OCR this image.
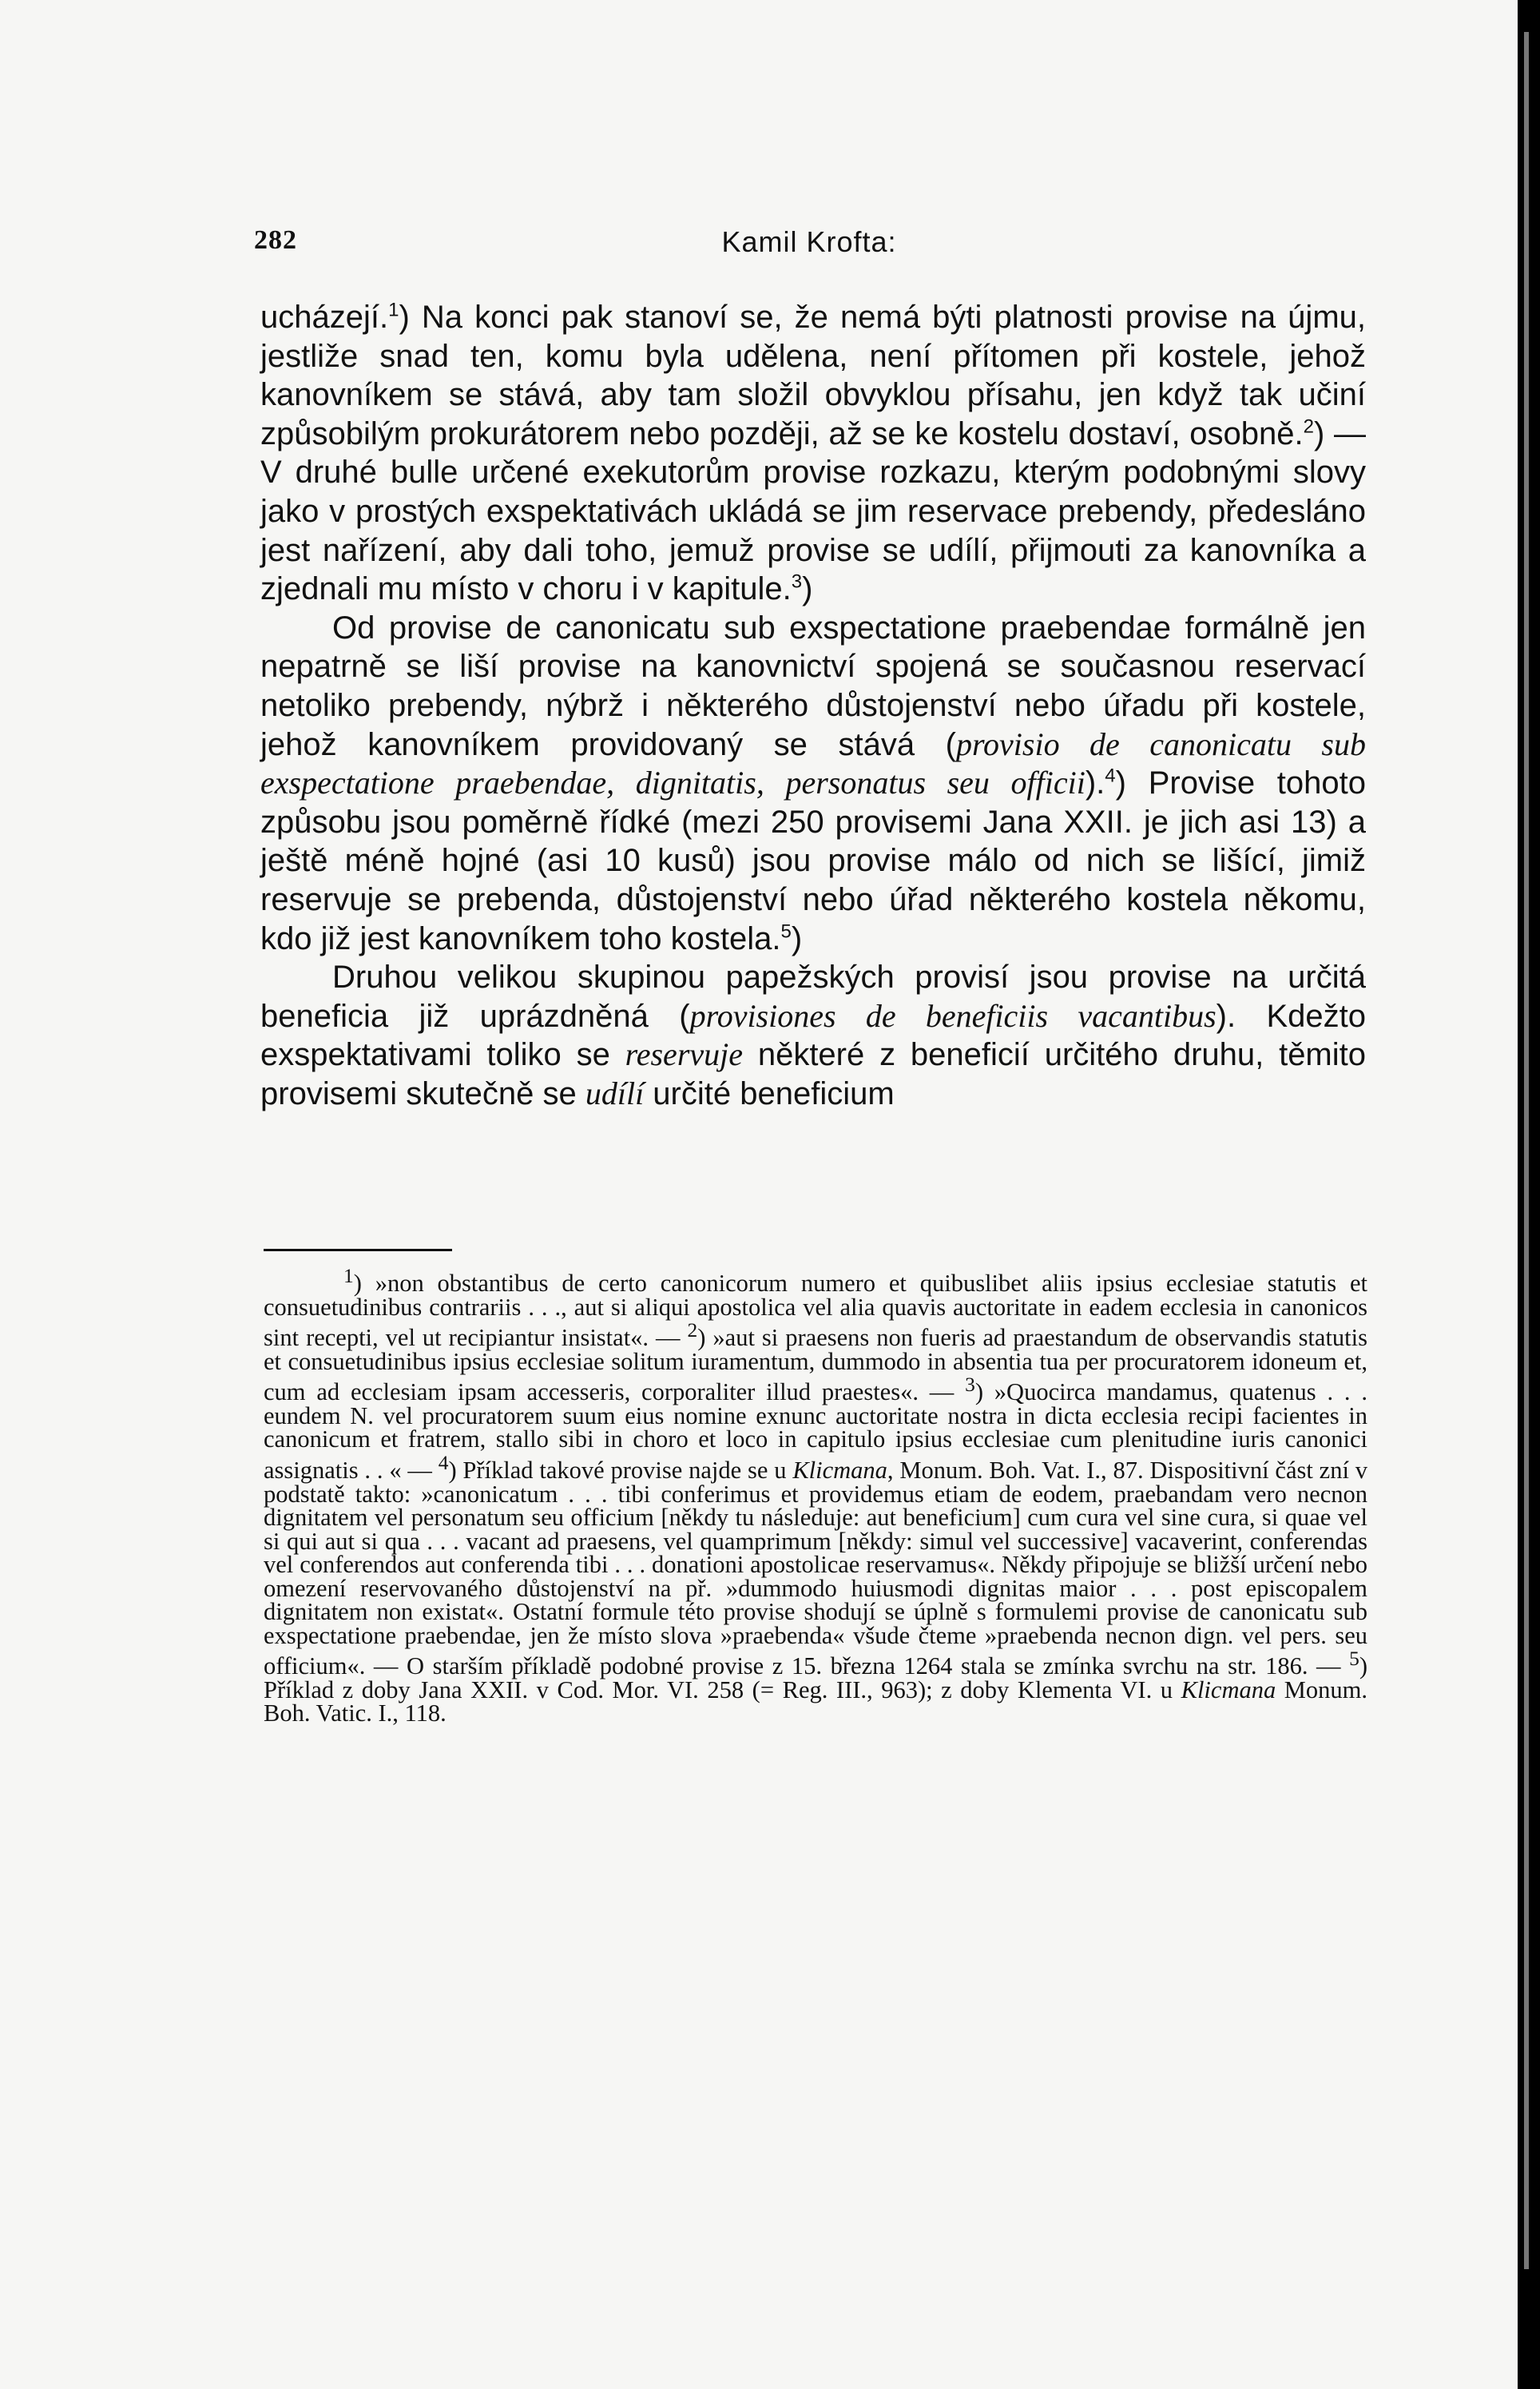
282	Kamil Krofta:

ucházejí.$^1$) Na konci pak stanoví se, že nemá býti platnosti provise na újmu, jestliže snad ten, komu byla udělena, není přítomen při kostele, jehož kanovníkem se stává, aby tam složil obvyklou přísahu, jen když tak učiní způsobilým prokurátorem nebo později, až se ke kostelu dostaví, osobně.$^2$) — V druhé bulle určené exekutorům provise rozkazu, kterým podobnými slovy jako v prostých exspektativách ukládá se jim reservace prebendy, předesláno jest nařízení, aby dali toho, jemuž provise se udílí, přijmouti za kanovníka a zjednali mu místo v choru i v kapitule.$^3$)

Od provise de canonicatu sub exspectatione praebendae formálně jen nepatrně se liší provise na kanovnictví spojená se současnou reservací netoliko prebendy, nýbrž i některého důstojenství nebo úřadu při kostele, jehož kanovníkem providovaný se stává (provisio de canonicatu sub exspectatione praebendae, dignitatis, personatus seu officii).$^4$) Provise tohoto způsobu jsou poměrně řídké (mezi 250 provisemi Jana XXII. je jich asi 13) a ještě méně hojné (asi 10 kusů) jsou provise málo od nich se lišící, jimiž reservuje se prebenda, důstojenství nebo úřad některého kostela někomu, kdo již jest kanovníkem toho kostela.$^5$)

Druhou velikou skupinou papežských provisí jsou provise na určitá beneficia již uprázdněná (provisiones de beneficiis vacantibus). Kdežto exspektativami toliko se reservuje některé z beneficií určitého druhu, těmito provisemi skutečně se udílí určité beneficium

$^1$) »non obstantibus de certo canonicorum numero et quibuslibet aliis ipsius ecclesiae statutis et consuetudinibus contrariis . . ., aut si aliqui apostolica vel alia quavis auctoritate in eadem ecclesia in canonicos sint recepti, vel ut recipiantur insistat«. — $^2$) »aut si praesens non fueris ad praestandum de observandis statutis et consuetudinibus ipsius ecclesiae solitum iuramentum, dummodo in absentia tua per procuratorem idoneum et, cum ad ecclesiam ipsam accesseris, corporaliter illud praestes«. — $^3$) »Quocirca mandamus, quatenus . . . eundem N. vel procuratorem suum eius nomine exnunc auctoritate nostra in dicta ecclesia recipi facientes in canonicum et fratrem, stallo sibi in choro et loco in capitulo ipsius ecclesiae cum plenitudine iuris canonici assignatis . . « — $^4$) Příklad takové provise najde se u Klicmana, Monum. Boh. Vat. I., 87. Dispositivní část zní v podstatě takto: »canonicatum . . . tibi conferimus et providemus etiam de eodem, praebandam vero necnon dignitatem vel personatum seu officium [někdy tu následuje: aut beneficium] cum cura vel sine cura, si quae vel si qui aut si qua . . . vacant ad praesens, vel quamprimum [někdy: simul vel successive] vacaverint, conferendas vel conferendos aut conferenda tibi . . . donationi apostolicae reservamus«. Někdy připojuje se bližší určení nebo omezení reservovaného důstojenství na př. »dummodo huiusmodi dignitas maior . . . post episcopalem dignitatem non existat«. Ostatní formule této provise shodují se úplně s formulemi provise de canonicatu sub exspectatione praebendae, jen že místo slova »praebenda« všude čteme »praebenda necnon dign. vel pers. seu officium«. — O starším příkladě podobné provise z 15. března 1264 stala se zmínka svrchu na str. 186. — $^5$) Příklad z doby Jana XXII. v Cod. Mor. VI. 258 (= Reg. III., 963); z doby Klementa VI. u Klicmana Monum. Boh. Vatic. I., 118.
